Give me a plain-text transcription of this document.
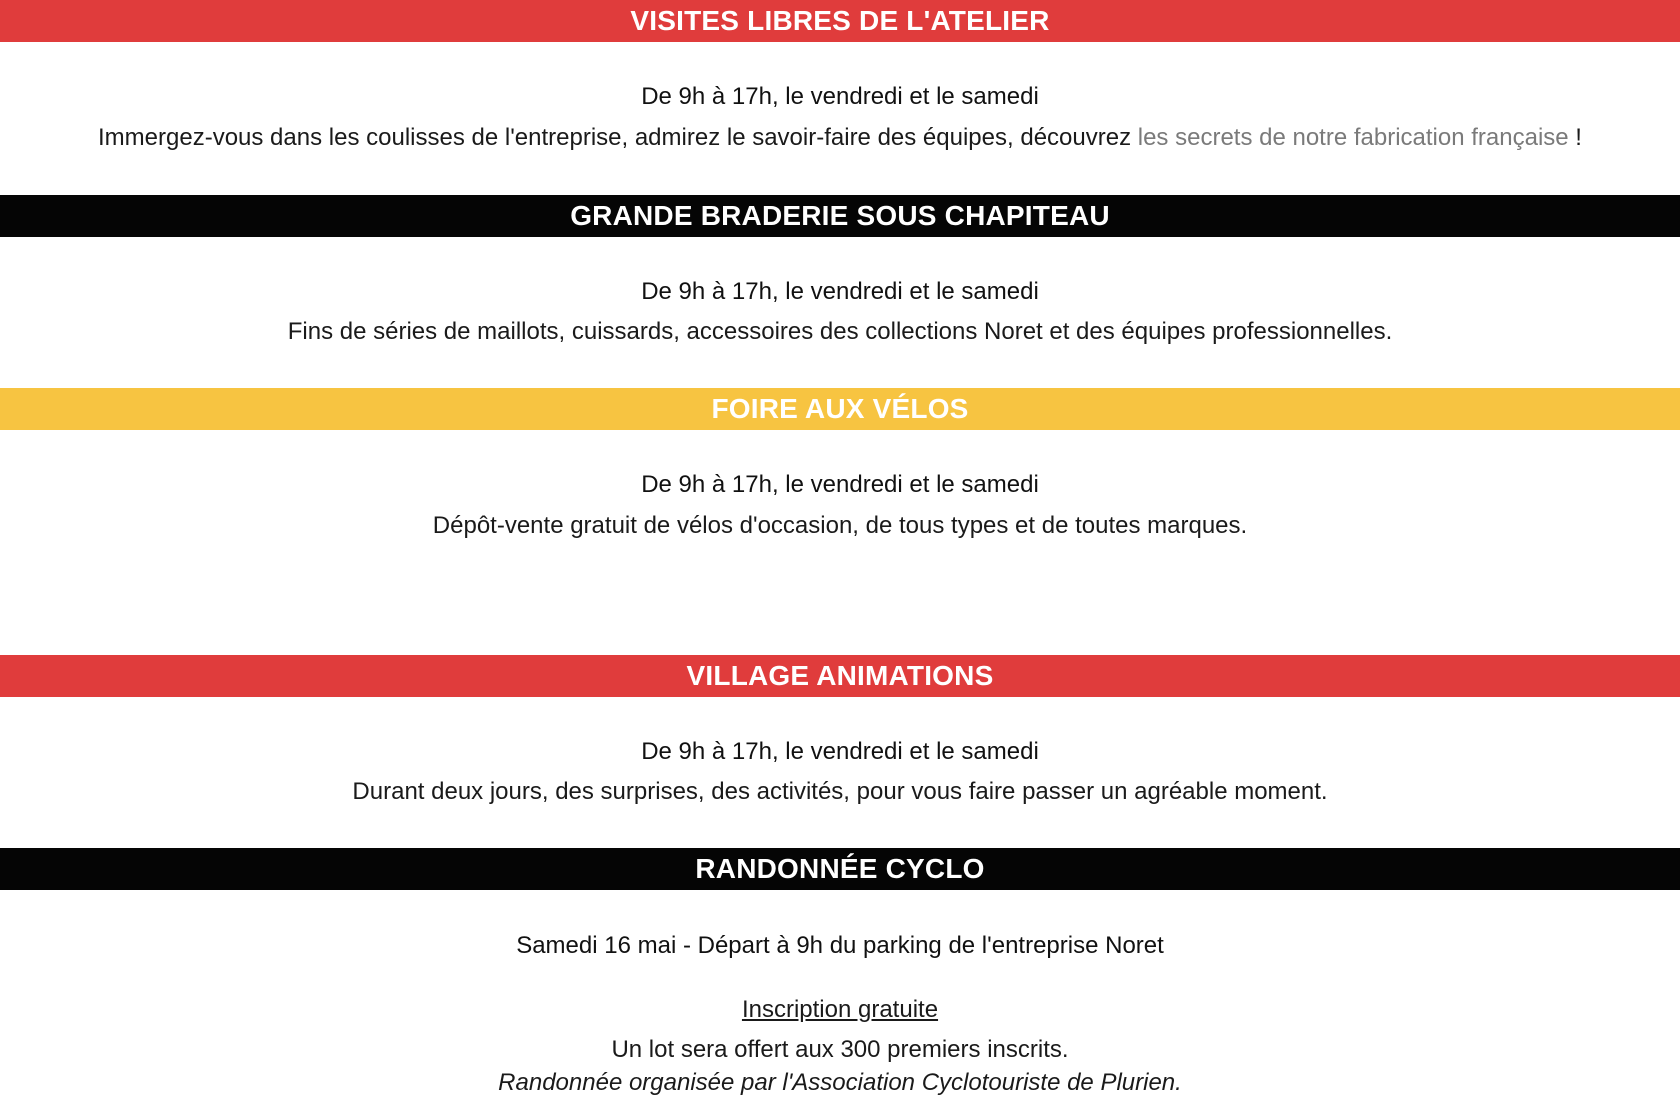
VISITES LIBRES DE L'ATELIER
De 9h à 17h, le vendredi et le samedi
Immergez-vous dans les coulisses de l'entreprise, admirez le savoir-faire des équipes, découvrez les secrets de notre fabrication française !
GRANDE BRADERIE SOUS CHAPITEAU
De 9h à 17h, le vendredi et le samedi
Fins de séries de maillots, cuissards, accessoires des collections Noret et des équipes professionnelles.
FOIRE AUX VÉLOS
De 9h à 17h, le vendredi et le samedi
Dépôt-vente gratuit de vélos d'occasion, de tous types et de toutes marques.
VILLAGE ANIMATIONS
De 9h à 17h, le vendredi et le samedi
Durant deux jours, des surprises, des activités, pour vous faire passer un agréable moment.
RANDONNÉE CYCLO
Samedi 16 mai - Départ à 9h du parking de l'entreprise Noret
Inscription gratuite
Un lot sera offert aux 300 premiers inscrits.
Randonnée organisée par l'Association Cyclotouriste de Plurien.
